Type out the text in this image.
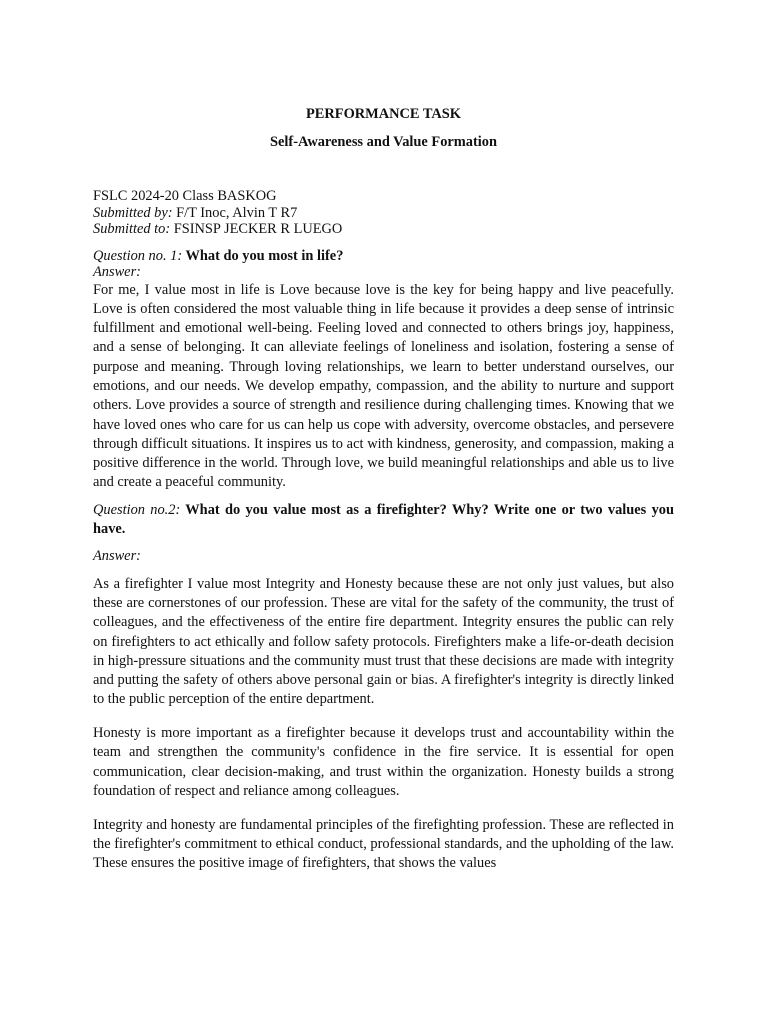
PERFORMANCE TASK

Self-Awareness and Value Formation

FSLC 2024-20 Class BASKOG
Submitted by: F/T Inoc, Alvin T R7
Submitted to: FSINSP JECKER R LUEGO
Question no. 1: What do you most in life?
Answer:

For me, I value most in life is Love because love is the key for being happy and live peacefully. Love is often considered the most valuable thing in life because it provides a deep sense of intrinsic fulfillment and emotional well-being. Feeling loved and connected to others brings joy, happiness, and a sense of belonging. It can alleviate feelings of loneliness and isolation, fostering a sense of purpose and meaning. Through loving relationships, we learn to better understand ourselves, our emotions, and our needs. We develop empathy, compassion, and the ability to nurture and support others. Love provides a source of strength and resilience during challenging times. Knowing that we have loved ones who care for us can help us cope with adversity, overcome obstacles, and persevere through difficult situations. It inspires us to act with kindness, generosity, and compassion, making a positive difference in the world. Through love, we build meaningful relationships and able us to live and create a peaceful community.

Question no.2: What do you value most as a firefighter? Why? Write one or two values you have.
Answer:

As a firefighter I value most Integrity and Honesty because these are not only just values, but also these are cornerstones of our profession. These are vital for the safety of the community, the trust of colleagues, and the effectiveness of the entire fire department. Integrity ensures the public can rely on firefighters to act ethically and follow safety protocols. Firefighters make a life-or-death decision in high-pressure situations and the community must trust that these decisions are made with integrity and putting the safety of others above personal gain or bias. A firefighter's integrity is directly linked to the public perception of the entire department.

Honesty is more important as a firefighter because it develops trust and accountability within the team and strengthen the community's confidence in the fire service. It is essential for open communication, clear decision-making, and trust within the organization. Honesty builds a strong foundation of respect and reliance among colleagues.

Integrity and honesty are fundamental principles of the firefighting profession. These are reflected in the firefighter's commitment to ethical conduct, professional standards, and the upholding of the law. These ensures the positive image of firefighters, that shows the values
